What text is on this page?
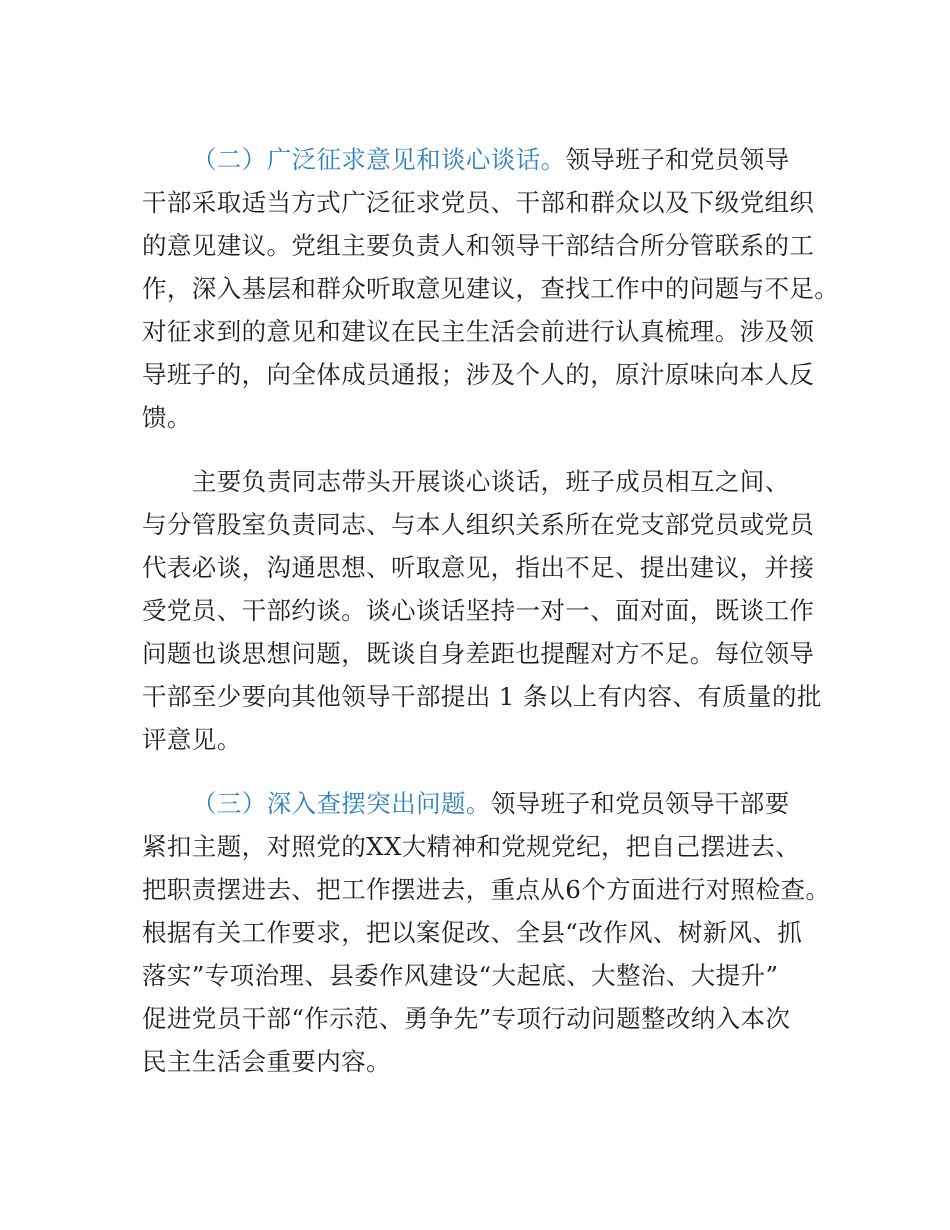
（二）广泛征求意见和谈心谈话。领导班子和党员领导
干部采取适当方式广泛征求党员、干部和群众以及下级党组织
的意见建议。党组主要负责人和领导干部结合所分管联系的工
作，深入基层和群众听取意见建议，查找工作中的问题与不足。
对征求到的意见和建议在民主生活会前进行认真梳理。涉及领
导班子的，向全体成员通报；涉及个人的，原汁原味向本人反
馈。
主要负责同志带头开展谈心谈话，班子成员相互之间、
与分管股室负责同志、与本人组织关系所在党支部党员或党员
代表必谈，沟通思想、听取意见，指出不足、提出建议，并接
受党员、干部约谈。谈心谈话坚持一对一、面对面，既谈工作
问题也谈思想问题，既谈自身差距也提醒对方不足。每位领导
干部至少要向其他领导干部提出 1 条以上有内容、有质量的批
评意见。
（三）深入查摆突出问题。领导班子和党员领导干部要
紧扣主题，对照党的XX大精神和党规党纪，把自己摆进去、
把职责摆进去、把工作摆进去，重点从6个方面进行对照检查。
根据有关工作要求，把以案促改、全县“改作风、树新风、抓
落实”专项治理、县委作风建设“大起底、大整治、大提升”
促进党员干部“作示范、勇争先”专项行动问题整改纳入本次
民主生活会重要内容。
